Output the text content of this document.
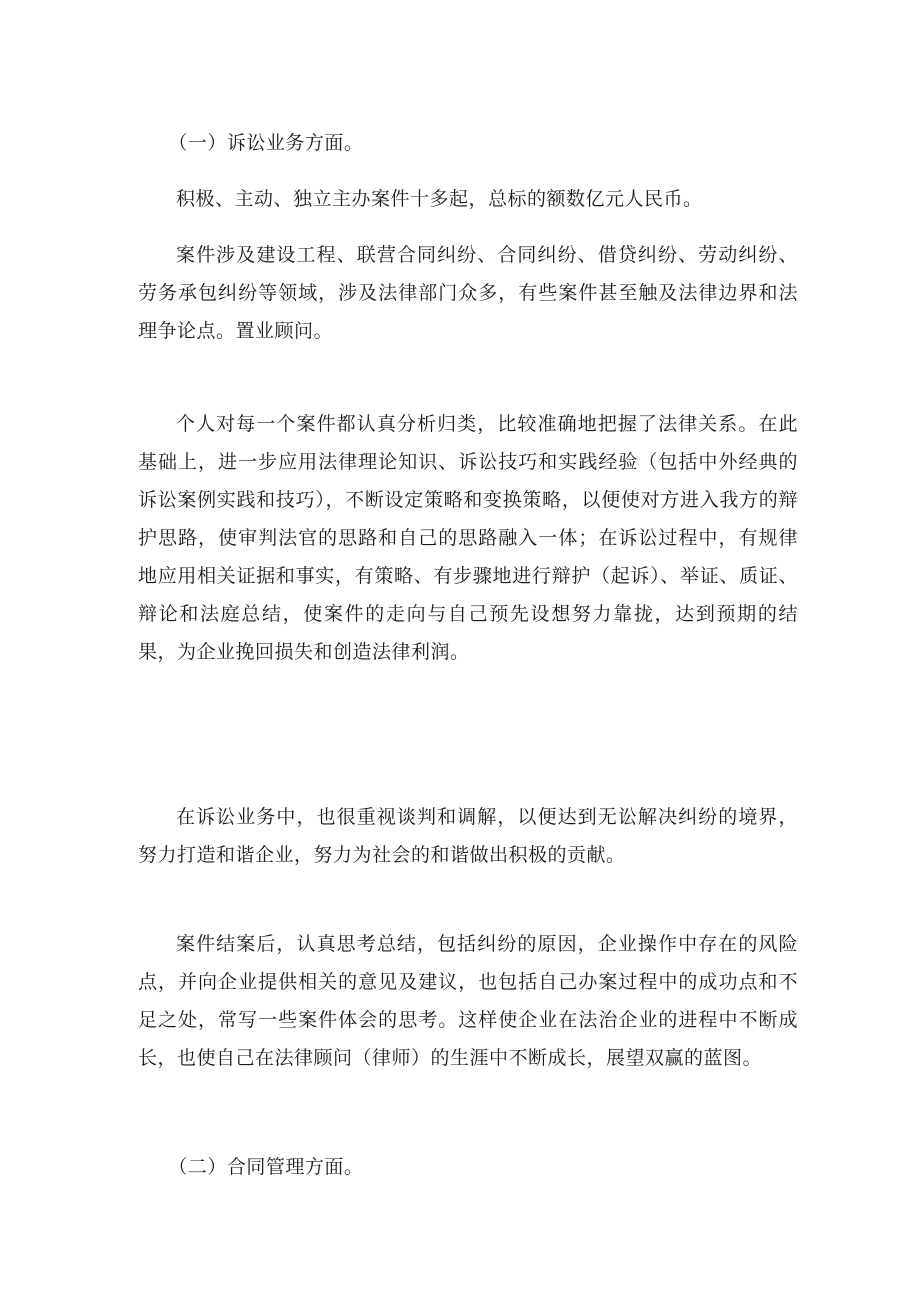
（一）诉讼业务方面。

积极、主动、独立主办案件十多起，总标的额数亿元人民币。

案件涉及建设工程、联营合同纠纷、合同纠纷、借贷纠纷、劳动纠纷、劳务承包纠纷等领域，涉及法律部门众多，有些案件甚至触及法律边界和法理争论点。置业顾问。

个人对每一个案件都认真分析归类，比较准确地把握了法律关系。在此基础上，进一步应用法律理论知识、诉讼技巧和实践经验（包括中外经典的诉讼案例实践和技巧），不断设定策略和变换策略，以便使对方进入我方的辩护思路，使审判法官的思路和自己的思路融入一体；在诉讼过程中，有规律地应用相关证据和事实，有策略、有步骤地进行辩护（起诉）、举证、质证、辩论和法庭总结，使案件的走向与自己预先设想努力靠拢，达到预期的结果，为企业挽回损失和创造法律利润。

在诉讼业务中，也很重视谈判和调解，以便达到无讼解决纠纷的境界，努力打造和谐企业，努力为社会的和谐做出积极的贡献。

案件结案后，认真思考总结，包括纠纷的原因，企业操作中存在的风险点，并向企业提供相关的意见及建议，也包括自己办案过程中的成功点和不足之处，常写一些案件体会的思考。这样使企业在法治企业的进程中不断成长，也使自己在法律顾问（律师）的生涯中不断成长，展望双赢的蓝图。

（二）合同管理方面。
